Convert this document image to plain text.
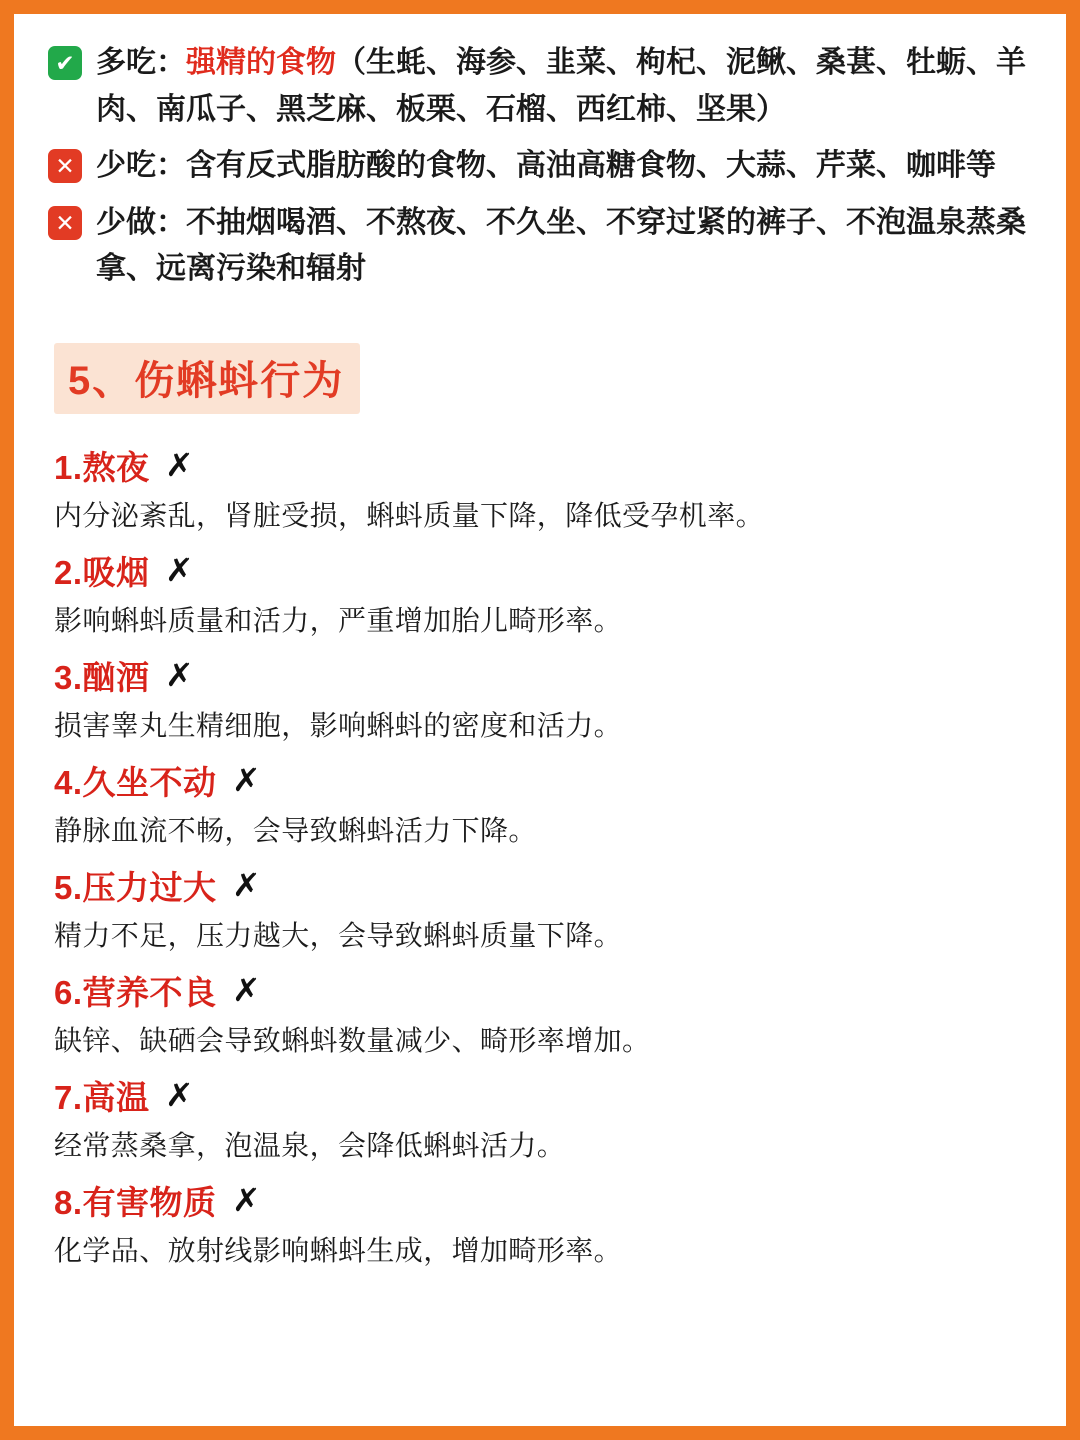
✔ 多吃：强精的食物（生蚝、海参、韭菜、枸杞、泥鳅、桑葚、牡蛎、羊肉、南瓜子、黑芝麻、板栗、石榴、西红柿、坚果）
✕ 少吃：含有反式脂肪酸的食物、高油高糖食物、大蒜、芹菜、咖啡等
✕ 少做：不抽烟喝酒、不熬夜、不久坐、不穿过紧的裤子、不泡温泉蒸桑拿、远离污染和辐射
5、伤蝌蚪行为
1.熬夜 ✗
内分泌紊乱，肾脏受损，蝌蚪质量下降，降低受孕机率。
2.吸烟 ✗
影响蝌蚪质量和活力，严重增加胎儿畸形率。
3.酗酒 ✗
损害睾丸生精细胞，影响蝌蚪的密度和活力。
4.久坐不动 ✗
静脉血流不畅，会导致蝌蚪活力下降。
5.压力过大 ✗
精力不足，压力越大，会导致蝌蚪质量下降。
6.营养不良 ✗
缺锌、缺硒会导致蝌蚪数量减少、畸形率增加。
7.高温 ✗
经常蒸桑拿，泡温泉，会降低蝌蚪活力。
8.有害物质 ✗
化学品、放射线影响蝌蚪生成，增加畸形率。
